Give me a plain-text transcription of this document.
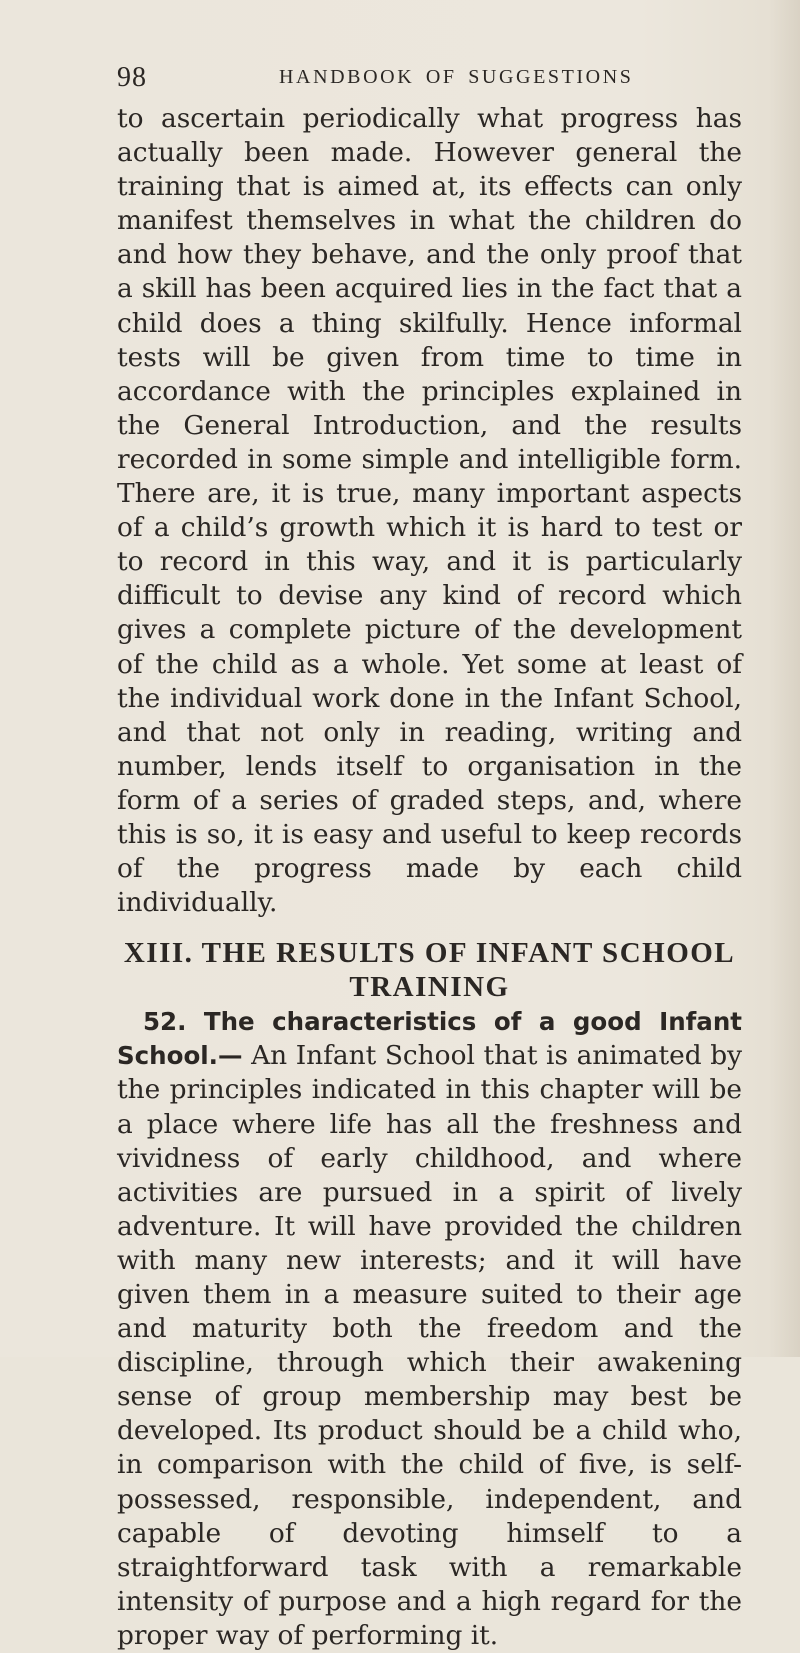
98	HANDBOOK OF SUGGESTIONS

to ascertain periodically what progress has actually been made. However general the training that is aimed at, its effects can only manifest themselves in what the children do and how they behave, and the only proof that a skill has been acquired lies in the fact that a child does a thing skilfully. Hence informal tests will be given from time to time in accordance with the principles explained in the General Introduction, and the results recorded in some simple and intelligible form. There are, it is true, many important aspects of a child’s growth which it is hard to test or to record in this way, and it is particularly difficult to devise any kind of record which gives a complete picture of the development of the child as a whole. Yet some at least of the individual work done in the Infant School, and that not only in reading, writing and number, lends itself to organisation in the form of a series of graded steps, and, where this is so, it is easy and useful to keep records of the progress made by each child individually.

XIII. THE RESULTS OF INFANT SCHOOL
TRAINING

52. The characteristics of a good Infant School.— An Infant School that is animated by the principles indicated in this chapter will be a place where life has all the freshness and vividness of early childhood, and where activities are pursued in a spirit of lively adventure. It will have provided the children with many new interests; and it will have given them in a measure suited to their age and maturity both the freedom and the discipline, through which their awakening sense of group membership may best be developed. Its product should be a child who, in comparison with the child of five, is self-possessed, responsible, independent, and capable of devoting himself to a straightforward task with a remarkable intensity of purpose and a high regard for the proper way of performing it.
